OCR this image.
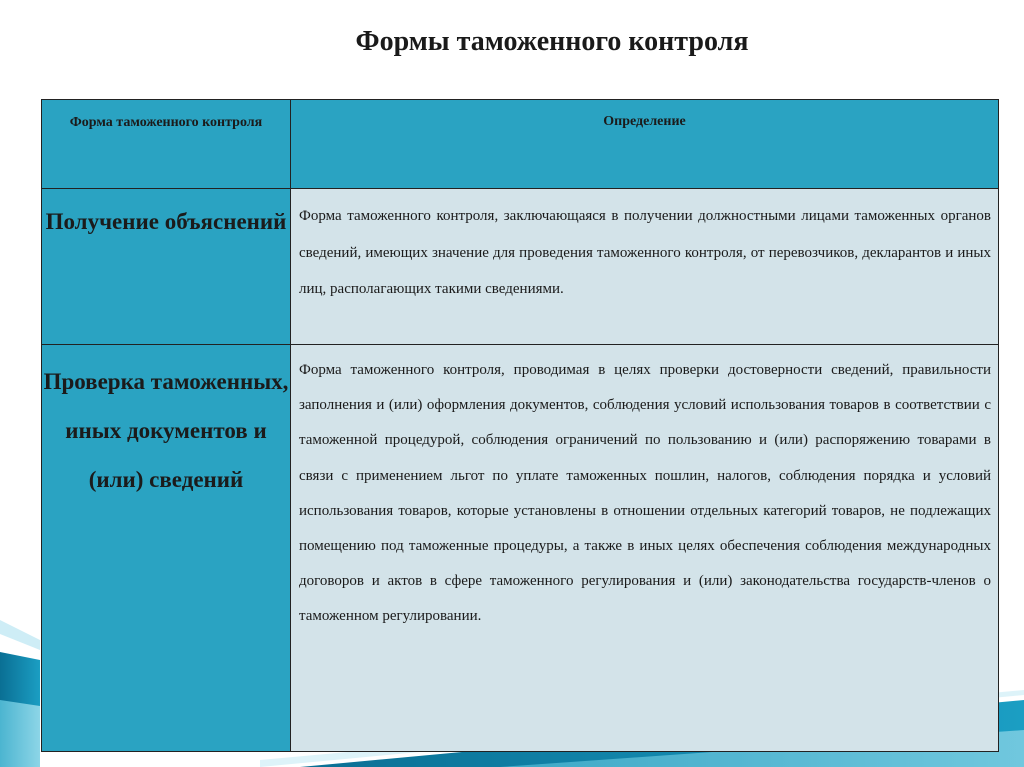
Формы таможенного контроля
Форма таможенного контроля	Определение

Получение объяснений	Форма таможенного контроля, заключающаяся в получении должностными лицами таможенных органов сведений, имеющих значение для проведения таможенного контроля, от перевозчиков, декларантов и иных лиц, располагающих такими сведениями.
Проверка таможенных, иных документов и (или) сведений	Форма таможенного контроля, проводимая в целях проверки достоверности сведений, правильности заполнения и (или) оформления документов, соблюдения условий использования товаров в соответствии с таможенной процедурой, соблюдения ограничений по пользованию и (или) распоряжению товарами в связи с применением льгот по уплате таможенных пошлин, налогов, соблюдения порядка и условий использования товаров, которые установлены в отношении отдельных категорий товаров, не подлежащих помещению под таможенные процедуры, а также в иных целях обеспечения соблюдения международных договоров и актов в сфере таможенного регулирования и (или) законодательства государств-членов о таможенном регулировании.
